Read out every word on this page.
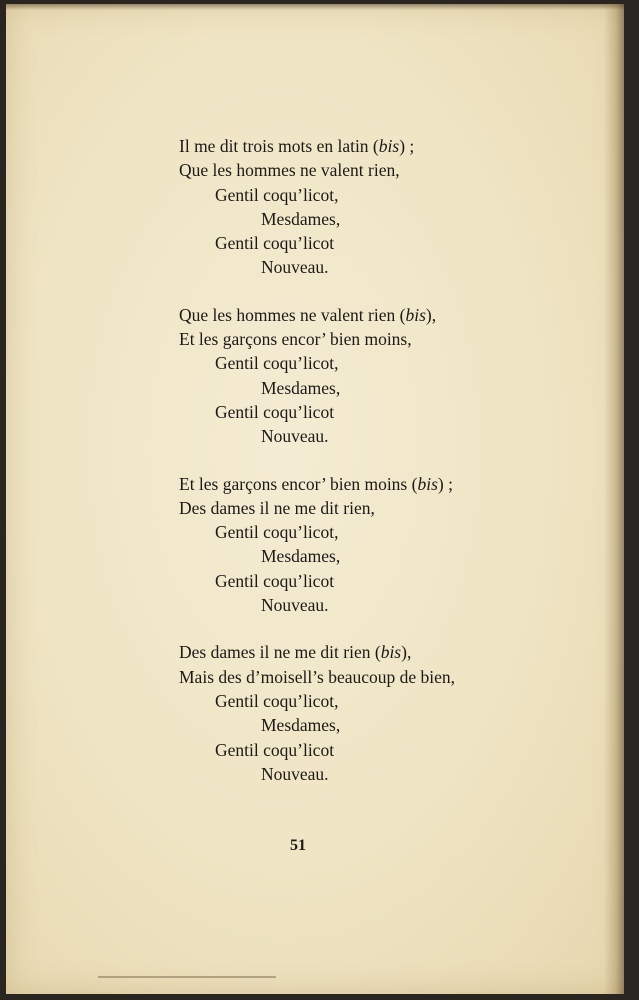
Il me dit trois mots en latin (bis) ;
Que les hommes ne valent rien,
Gentil coqu’licot,
Mesdames,
Gentil coqu’licot
Nouveau.
Que les hommes ne valent rien (bis),
Et les garçons encor’ bien moins,
Gentil coqu’licot,
Mesdames,
Gentil coqu’licot
Nouveau.
Et les garçons encor’ bien moins (bis) ;
Des dames il ne me dit rien,
Gentil coqu’licot,
Mesdames,
Gentil coqu’licot
Nouveau.
Des dames il ne me dit rien (bis),
Mais des d’moisell’s beaucoup de bien,
Gentil coqu’licot,
Mesdames,
Gentil coqu’licot
Nouveau.
51
